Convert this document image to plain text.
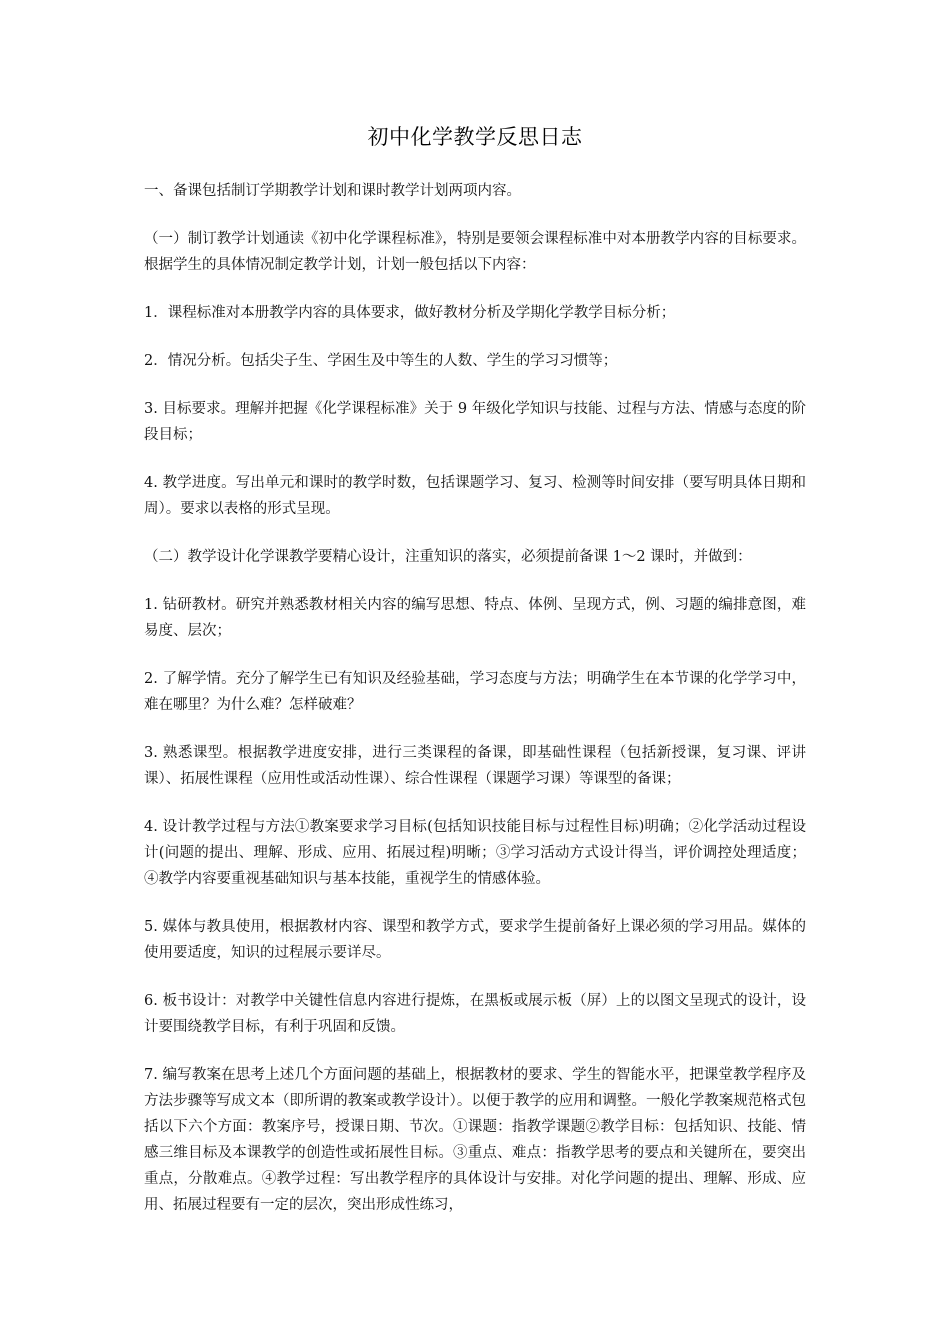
初中化学教学反思日志

一、备课包括制订学期教学计划和课时教学计划两项内容。

（一）制订教学计划通读《初中化学课程标准》，特别是要领会课程标准中对本册教学内容的目标要求。根据学生的具体情况制定教学计划，计划一般包括以下内容：

1．课程标准对本册教学内容的具体要求，做好教材分析及学期化学教学目标分析；

2．情况分析。包括尖子生、学困生及中等生的人数、学生的学习习惯等；

3. 目标要求。理解并把握《化学课程标准》关于 9 年级化学知识与技能、过程与方法、情感与态度的阶段目标；

4. 教学进度。写出单元和课时的教学时数，包括课题学习、复习、检测等时间安排（要写明具体日期和周）。要求以表格的形式呈现。

（二）教学设计化学课教学要精心设计，注重知识的落实，必须提前备课 1～2 课时，并做到：

1. 钻研教材。研究并熟悉教材相关内容的编写思想、特点、体例、呈现方式，例、习题的编排意图，难易度、层次；

2. 了解学情。充分了解学生已有知识及经验基础，学习态度与方法；明确学生在本节课的化学学习中，难在哪里？为什么难？怎样破难？

3. 熟悉课型。根据教学进度安排，进行三类课程的备课，即基础性课程（包括新授课，复习课、评讲课）、拓展性课程（应用性或活动性课）、综合性课程（课题学习课）等课型的备课；

4. 设计教学过程与方法①教案要求学习目标(包括知识技能目标与过程性目标)明确；②化学活动过程设计(问题的提出、理解、形成、应用、拓展过程)明晰；③学习活动方式设计得当，评价调控处理适度；④教学内容要重视基础知识与基本技能，重视学生的情感体验。

5. 媒体与教具使用，根据教材内容、课型和教学方式，要求学生提前备好上课必须的学习用品。媒体的使用要适度，知识的过程展示要详尽。

6. 板书设计：对教学中关键性信息内容进行提炼，在黑板或展示板（屏）上的以图文呈现式的设计，设计要围绕教学目标，有利于巩固和反馈。

7. 编写教案在思考上述几个方面问题的基础上，根据教材的要求、学生的智能水平，把课堂教学程序及方法步骤等写成文本（即所谓的教案或教学设计）。以便于教学的应用和调整。一般化学教案规范格式包括以下六个方面：教案序号，授课日期、节次。①课题：指教学课题②教学目标：包括知识、技能、情感三维目标及本课教学的创造性或拓展性目标。③重点、难点：指教学思考的要点和关键所在，要突出重点，分散难点。④教学过程：写出教学程序的具体设计与安排。对化学问题的提出、理解、形成、应用、拓展过程要有一定的层次，突出形成性练习，
